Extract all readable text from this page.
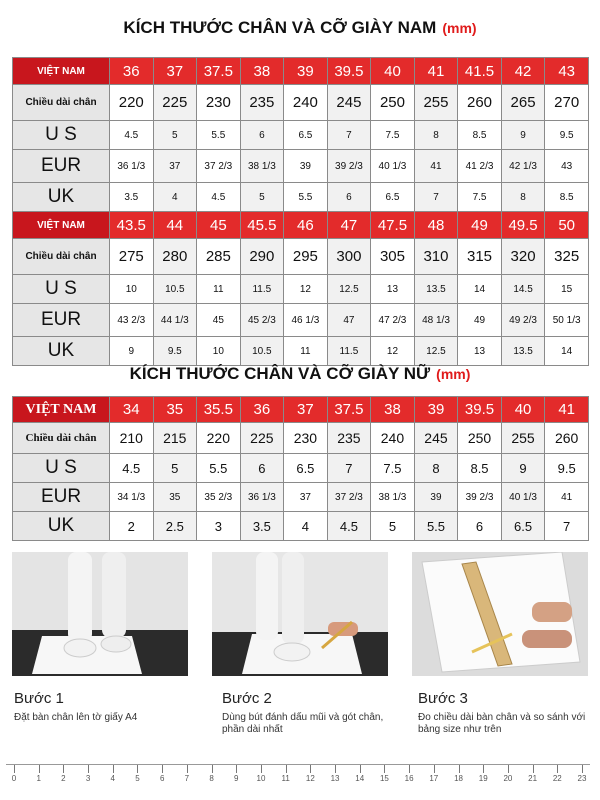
KÍCH THƯỚC CHÂN VÀ CỠ GIÀY NAM (mm)
VIỆT NAM	36	37	37.5	38	39	39.5	40	41	41.5	42	43
Chiều dài chân	220	225	230	235	240	245	250	255	260	265	270
U S	4.5	5	5.5	6	6.5	7	7.5	8	8.5	9	9.5
EUR	36 1/3	37	37 2/3	38 1/3	39	39 2/3	40 1/3	41	41 2/3	42 1/3	43
UK	3.5	4	4.5	5	5.5	6	6.5	7	7.5	8	8.5
VIỆT NAM	43.5	44	45	45.5	46	47	47.5	48	49	49.5	50
Chiều dài chân	275	280	285	290	295	300	305	310	315	320	325
U S	10	10.5	11	11.5	12	12.5	13	13.5	14	14.5	15
EUR	43 2/3	44 1/3	45	45 2/3	46 1/3	47	47 2/3	48 1/3	49	49 2/3	50 1/3
UK	9	9.5	10	10.5	11	11.5	12	12.5	13	13.5	14
KÍCH THƯỚC CHÂN VÀ CỠ GIÀY NỮ (mm)
VIỆT NAM	34	35	35.5	36	37	37.5	38	39	39.5	40	41
Chiều dài chân	210	215	220	225	230	235	240	245	250	255	260
U S	4.5	5	5.5	6	6.5	7	7.5	8	8.5	9	9.5
EUR	34 1/3	35	35 2/3	36 1/3	37	37 2/3	38 1/3	39	39 2/3	40 1/3	41
UK	2	2.5	3	3.5	4	4.5	5	5.5	6	6.5	7
Bước 1
Đặt bàn chân lên tờ giấy A4
Bước 2
Dùng bút đánh dấu mũi và gót chân, phần dài nhất
Bước 3
Đo chiều dài bàn chân và so sánh với bảng size như trên
0	1	2	3	4	5	6	7	8	9 10 11 12 13 14 15 16 17 18 19 20 21 22 23
